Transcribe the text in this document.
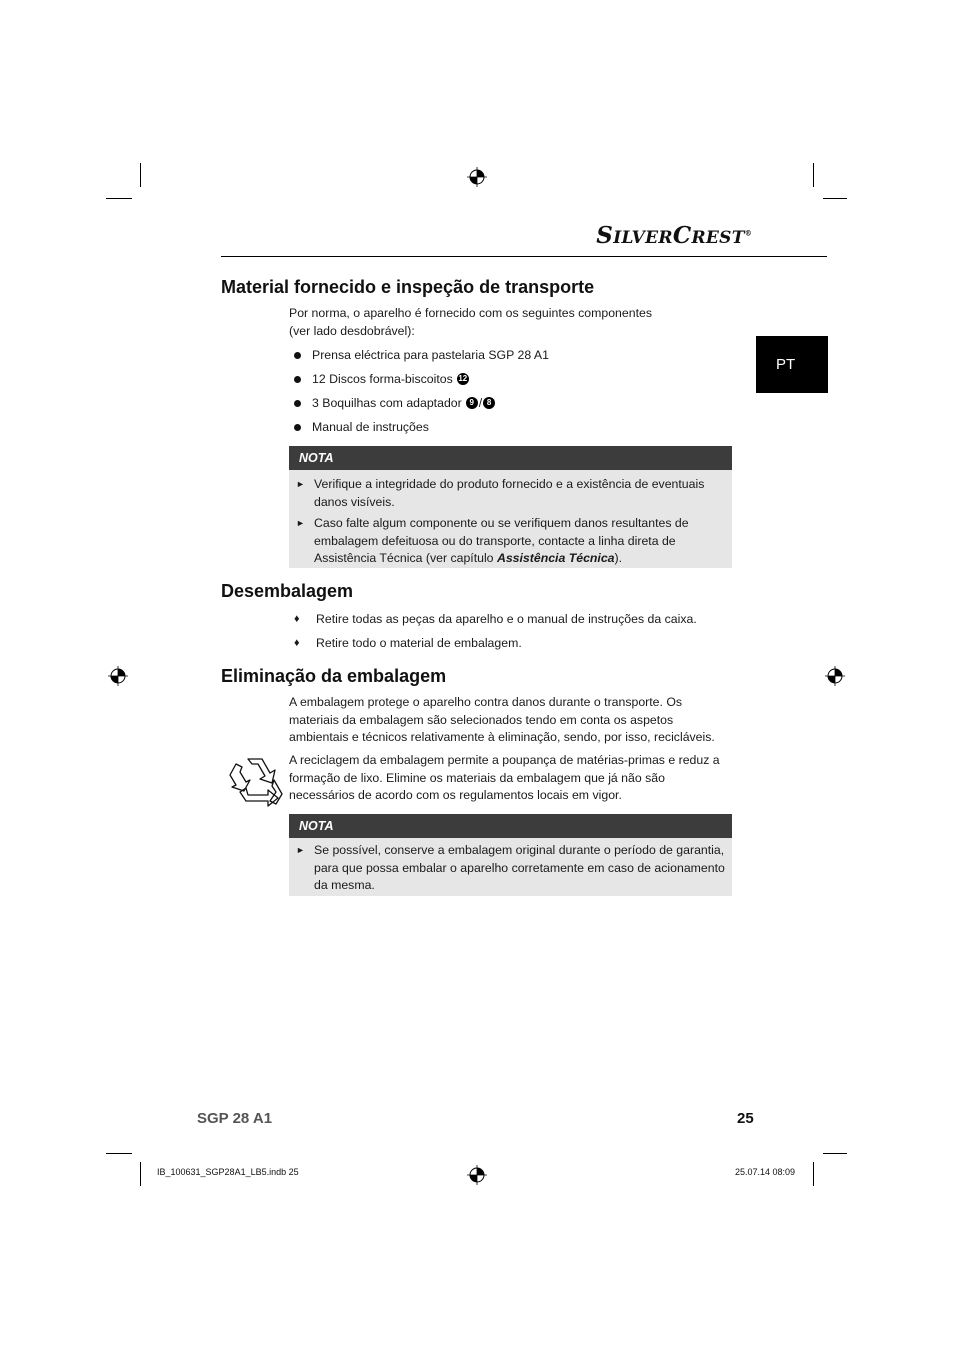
SILVERCREST®
PT
Material fornecido e inspeção de transporte

Por norma, o aparelho é fornecido com os seguintes componentes
(ver lado desdobrável):

Prensa eléctrica para pastelaria SGP 28 A1
12 Discos forma-biscoitos 12
3 Boquilhas com adaptador 9 / 8
Manual de instruções
NOTA
► Verifique a integridade do produto fornecido e a existência de eventuais danos visíveis.
► Caso falte algum componente ou se verifiquem danos resultantes de embalagem defeituosa ou do transporte, contacte a linha direta de Assistência Técnica (ver capítulo Assistência Técnica).
Desembalagem
♦ Retire todas as peças da aparelho e o manual de instruções da caixa.
♦ Retire todo o material de embalagem.
Eliminação da embalagem

A embalagem protege o aparelho contra danos durante o transporte. Os materiais da embalagem são selecionados tendo em conta os aspetos ambientais e técnicos relativamente à eliminação, sendo, por isso, recicláveis.

A reciclagem da embalagem permite a poupança de matérias-primas e reduz a formação de lixo. Elimine os materiais da embalagem que já não são necessários de acordo com os regulamentos locais em vigor.

NOTA
► Se possível, conserve a embalagem original durante o período de garantia, para que possa embalar o aparelho corretamente em caso de acionamento da mesma.
SGP 28 A1	25
IB_100631_SGP28A1_LB5.indb 25	25.07.14 08:09
